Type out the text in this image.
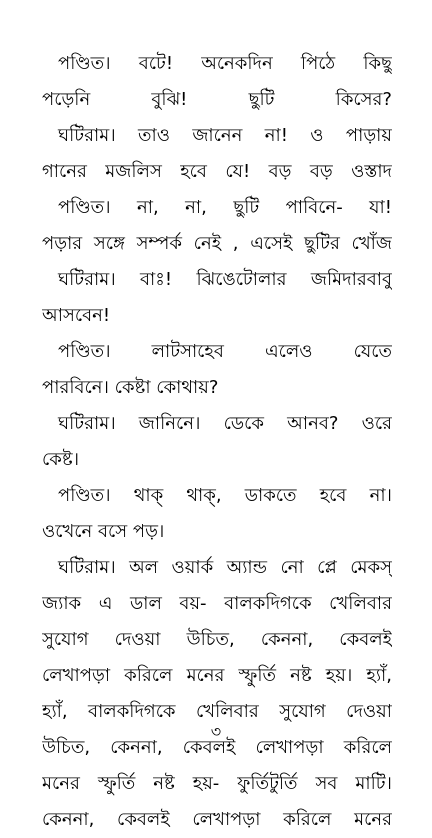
পণ্ডিত। বটে! অনেকদিন পিঠে কিছু
পড়েনি বুঝি! ছুটি কিসের?
ঘটিরাম। তাও জানেন না! ও পাড়ায়
গানের মজলিস হবে যে! বড় বড় ওস্তাদ
পণ্ডিত। না, না, ছুটি পাবিনে- যা!
পড়ার সঙ্গে সম্পর্ক নেই , এসেই ছুটির খোঁজ
ঘটিরাম। বাঃ! ঝিঙেটোলার জমিদারবাবু
আসবেন!
পণ্ডিত। লাটসাহেব এলেও যেতে
পারবিনে। কেষ্টা কোথায়?
ঘটিরাম। জানিনে। ডেকে আনব? ওরে
কেষ্ট।
পণ্ডিত। থাক্ থাক্, ডাকতে হবে না।
ওখেনে বসে পড়।
ঘটিরাম। অল ওয়ার্ক অ্যান্ড নো প্লে মেকস্
জ্যাক এ ডাল বয়- বালকদিগকে খেলিবার
সুযোগ দেওয়া উচিত, কেননা, কেবলই
লেখাপড়া করিলে মনের স্ফুর্তি নষ্ট হয়। হ্যাঁ,
হ্যাঁ, বালকদিগকে খেলিবার সুযোগ দেওয়া
উচিত, কেননা, কেবলই লেখাপড়া করিলে
মনের স্ফুর্তি নষ্ট হয়- ফুর্তিটুর্তি সব মাটি।
কেননা, কেবলই লেখাপড়া করিলে মনের
৩
